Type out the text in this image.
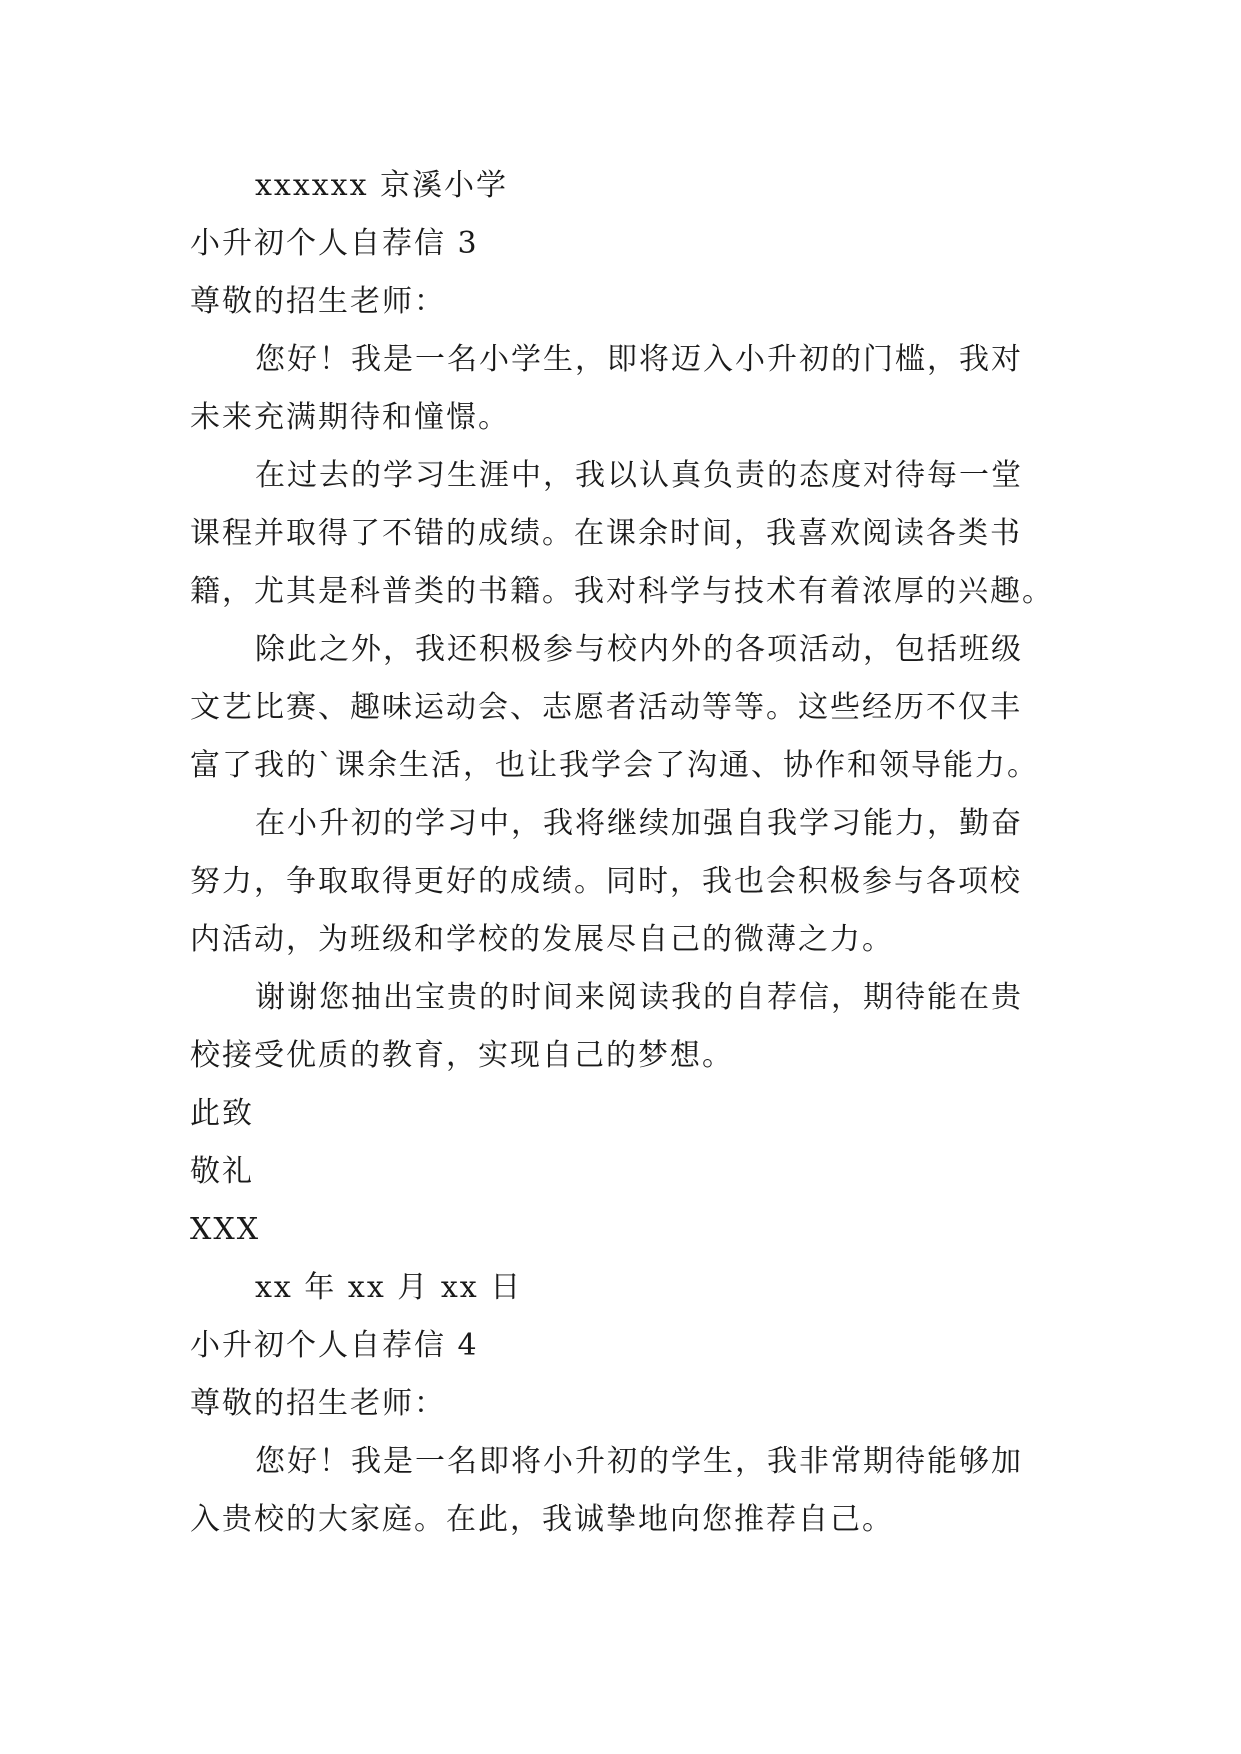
xxxxxx 京溪小学
小升初个人自荐信 3
尊敬的招生老师：
您好！我是一名小学生，即将迈入小升初的门槛，我对
未来充满期待和憧憬。
在过去的学习生涯中，我以认真负责的态度对待每一堂
课程并取得了不错的成绩。在课余时间，我喜欢阅读各类书
籍，尤其是科普类的书籍。我对科学与技术有着浓厚的兴趣。
除此之外，我还积极参与校内外的各项活动，包括班级
文艺比赛、趣味运动会、志愿者活动等等。这些经历不仅丰
富了我的`课余生活，也让我学会了沟通、协作和领导能力。
在小升初的学习中，我将继续加强自我学习能力，勤奋
努力，争取取得更好的成绩。同时，我也会积极参与各项校
内活动，为班级和学校的发展尽自己的微薄之力。
谢谢您抽出宝贵的时间来阅读我的自荐信，期待能在贵
校接受优质的教育，实现自己的梦想。
此致
敬礼
XXX
xx 年 xx 月 xx 日
小升初个人自荐信 4
尊敬的招生老师：
您好！我是一名即将小升初的学生，我非常期待能够加
入贵校的大家庭。在此，我诚挚地向您推荐自己。
